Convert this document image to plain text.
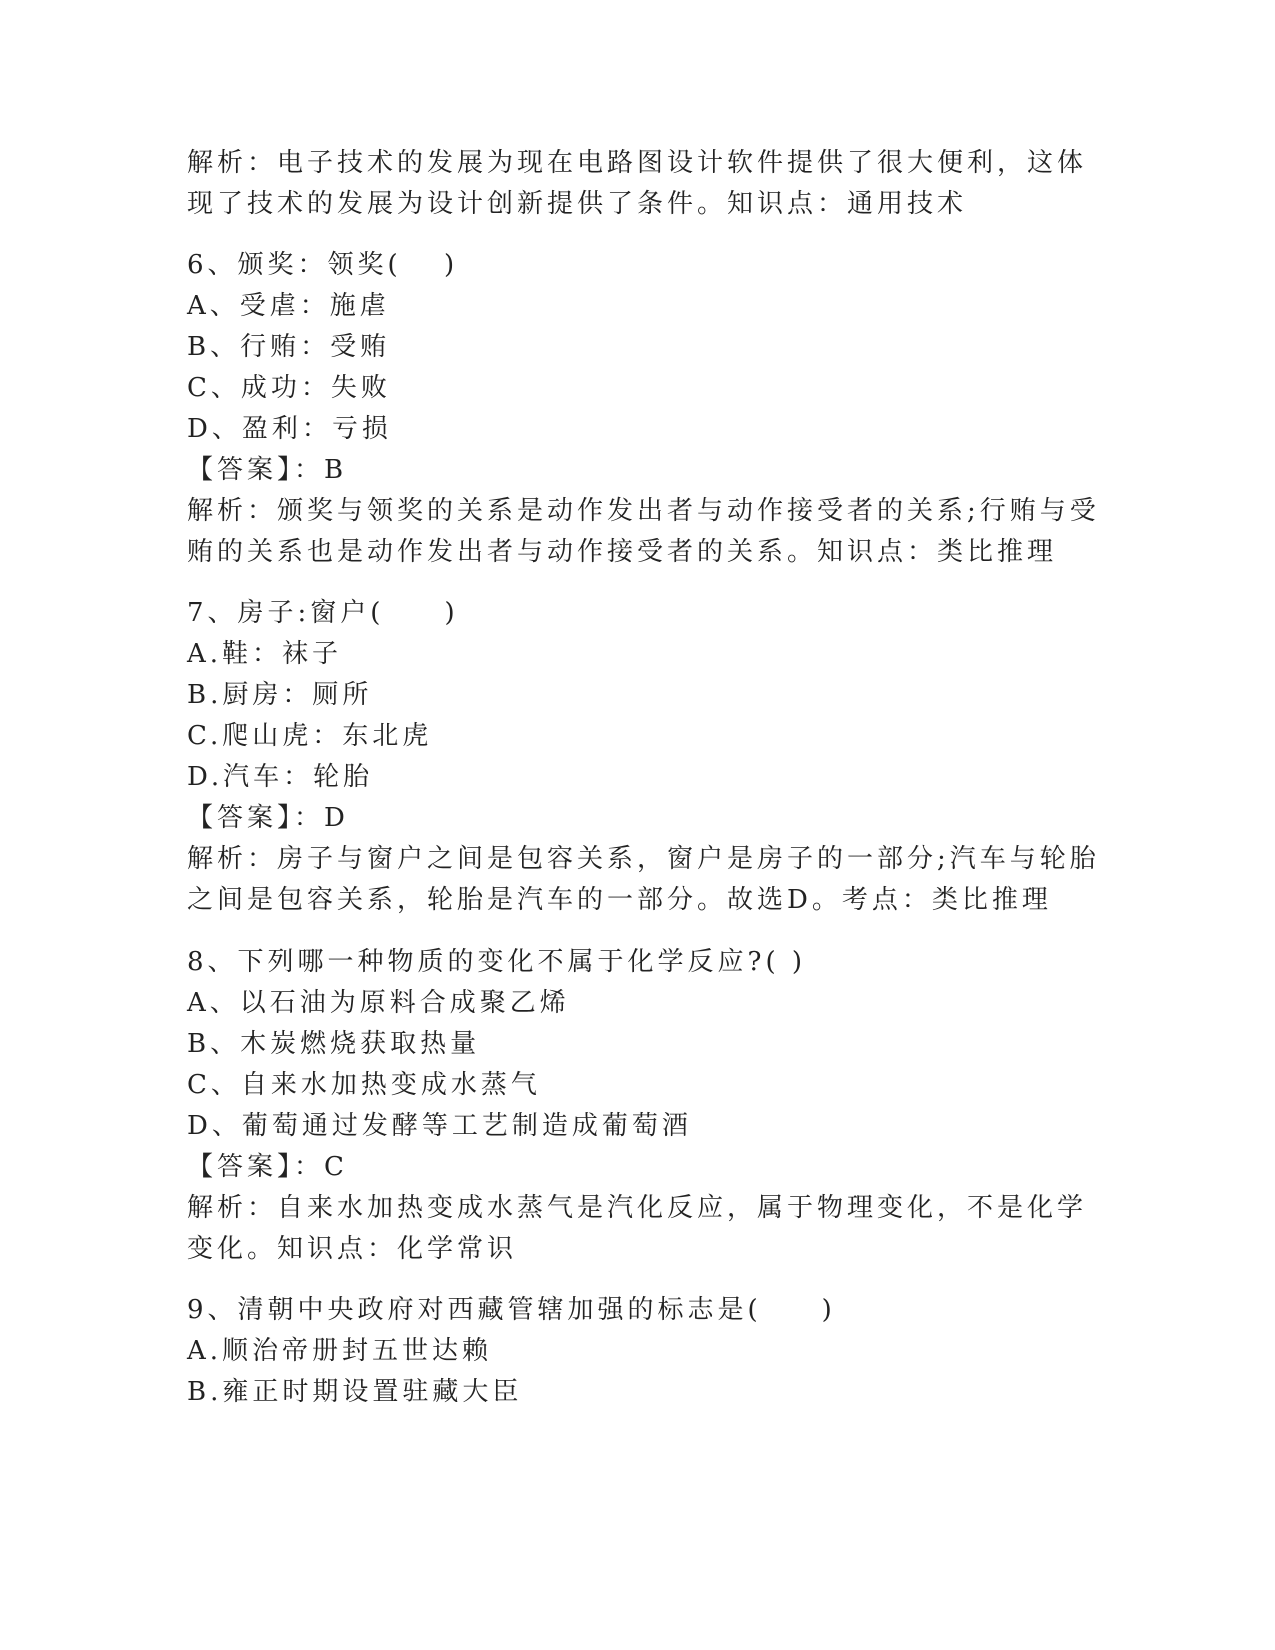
解析：电子技术的发展为现在电路图设计软件提供了很大便利，这体
现了技术的发展为设计创新提供了条件。知识点：通用技术
6、颁奖：领奖(　 )
A、受虐：施虐
B、行贿：受贿
C、成功：失败
D、盈利：亏损
【答案】：B
解析：颁奖与领奖的关系是动作发出者与动作接受者的关系;行贿与受
贿的关系也是动作发出者与动作接受者的关系。知识点：类比推理
7、房子:窗户(　　)
A.鞋：袜子
B.厨房：厕所
C.爬山虎：东北虎
D.汽车：轮胎
【答案】：D
解析：房子与窗户之间是包容关系，窗户是房子的一部分;汽车与轮胎
之间是包容关系，轮胎是汽车的一部分。故选D。考点：类比推理
8、下列哪一种物质的变化不属于化学反应?( )
A、以石油为原料合成聚乙烯
B、木炭燃烧获取热量
C、自来水加热变成水蒸气
D、葡萄通过发酵等工艺制造成葡萄酒
【答案】：C
解析：自来水加热变成水蒸气是汽化反应，属于物理变化，不是化学
变化。知识点：化学常识
9、清朝中央政府对西藏管辖加强的标志是(　　)
A.顺治帝册封五世达赖
B.雍正时期设置驻藏大臣
